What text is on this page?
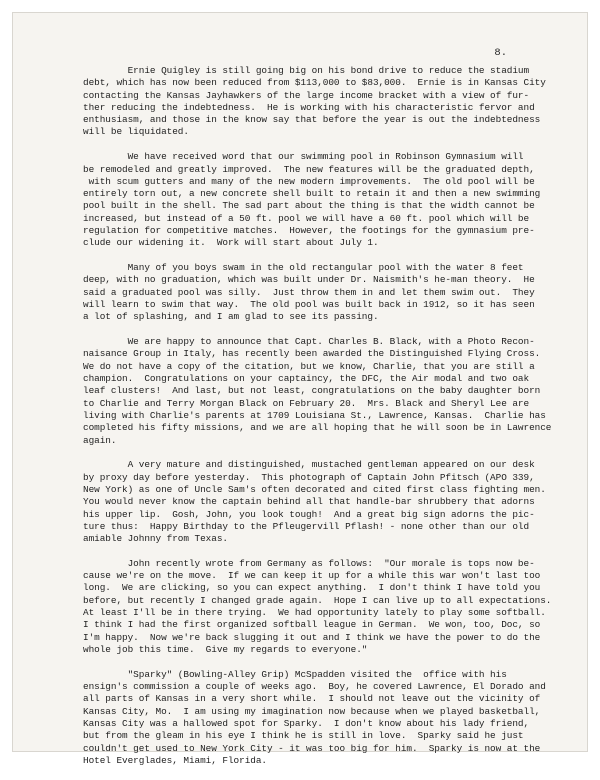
8.
Ernie Quigley is still going big on his bond drive to reduce the stadium
debt, which has now been reduced from $113,000 to $83,000.  Ernie is in Kansas City
contacting the Kansas Jayhawkers of the large income bracket with a view of fur-
ther reducing the indebtedness.  He is working with his characteristic fervor and
enthusiasm, and those in the know say that before the year is out the indebtedness
will be liquidated.
We have received word that our swimming pool in Robinson Gymnasium will
be remodeled and greatly improved.  The new features will be the graduated depth,
with scum gutters and many of the new modern improvements.  The old pool will be
entirely torn out, a new concrete shell built to retain it and then a new swimming
pool built in the shell. The sad part about the thing is that the width cannot be
increased, but instead of a 50 ft. pool we will have a 60 ft. pool which will be
regulation for competitive matches.  However, the footings for the gymnasium pre-
clude our widening it.  Work will start about July 1.
Many of you boys swam in the old rectangular pool with the water 8 feet
deep, with no graduation, which was built under Dr. Naismith's he-man theory.  He
said a graduated pool was silly.  Just throw them in and let them swim out.  They
will learn to swim that way.  The old pool was built back in 1912, so it has seen
a lot of splashing, and I am glad to see its passing.
We are happy to announce that Capt. Charles B. Black, with a Photo Recon-
naisance Group in Italy, has recently been awarded the Distinguished Flying Cross.
We do not have a copy of the citation, but we know, Charlie, that you are still a
champion.  Congratulations on your captaincy, the DFC, the Air modal and two oak
leaf clusters!  And last, but not least, congratulations on the baby daughter born
to Charlie and Terry Morgan Black on February 20.  Mrs. Black and Sheryl Lee are
living with Charlie's parents at 1709 Louisiana St., Lawrence, Kansas.  Charlie has
completed his fifty missions, and we are all hoping that he will soon be in Lawrence
again.
A very mature and distinguished, mustached gentleman appeared on our desk
by proxy day before yesterday.  This photograph of Captain John Pfitsch (APO 339,
New York) as one of Uncle Sam's often decorated and cited first class fighting men.
You would never know the captain behind all that handle-bar shrubbery that adorns
his upper lip.  Gosh, John, you look tough!  And a great big sign adorns the pic-
ture thus:  Happy Birthday to the Pfleugervill Pflash! - none other than our old
amiable Johnny from Texas.
John recently wrote from Germany as follows:  "Our morale is tops now be-
cause we're on the move.  If we can keep it up for a while this war won't last too
long.  We are clicking, so you can expect anything.  I don't think I have told you
before, but recently I changed grade again.  Hope I can live up to all expectations.
At least I'll be in there trying.  We had opportunity lately to play some softball.
I think I had the first organized softball league in German.  We won, too, Doc, so
I'm happy.  Now we're back slugging it out and I think we have the power to do the
whole job this time.  Give my regards to everyone."
"Sparky" (Bowling-Alley Grip) McSpadden visited the  office with his
ensign's commission a couple of weeks ago.  Boy, he covered Lawrence, El Dorado and
all parts of Kansas in a very short while.  I should not leave out the vicinity of
Kansas City, Mo.  I am using my imagination now because when we played basketball,
Kansas City was a hallowed spot for Sparky.  I don't know about his lady friend,
but from the gleam in his eye I think he is still in love.  Sparky said he just
couldn't get used to New York City - it was too big for him.  Sparky is now at the
Hotel Everglades, Miami, Florida.
